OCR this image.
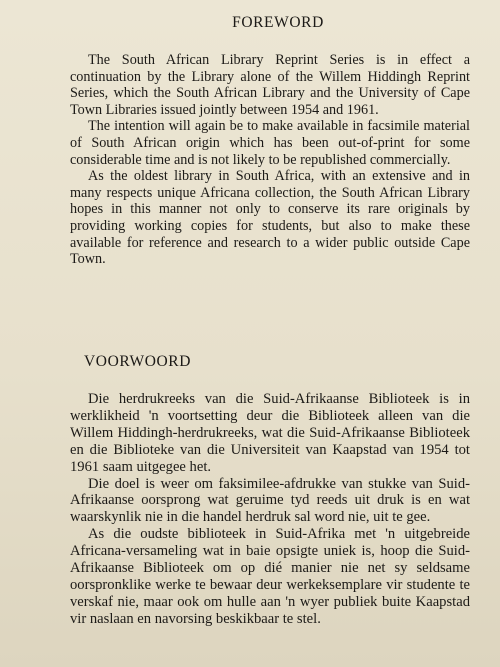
FOREWORD

The South African Library Reprint Series is in effect a continuation by the Library alone of the Willem Hiddingh Reprint Series, which the South African Library and the University of Cape Town Libraries issued jointly between 1954 and 1961.

The intention will again be to make available in facsimile material of South African origin which has been out-of-print for some considerable time and is not likely to be republished commercially.

As the oldest library in South Africa, with an extensive and in many respects unique Africana collection, the South African Library hopes in this manner not only to conserve its rare originals by providing working copies for students, but also to make these available for reference and research to a wider public outside Cape Town.

VOORWOORD

Die herdrukreeks van die Suid-Afrikaanse Biblioteek is in werklikheid 'n voortsetting deur die Biblioteek alleen van die Willem Hiddingh-herdrukreeks, wat die Suid-Afrikaanse Biblioteek en die Biblioteke van die Universiteit van Kaapstad van 1954 tot 1961 saam uitgegee het.

Die doel is weer om faksimilee-afdrukke van stukke van Suid-Afrikaanse oorsprong wat geruime tyd reeds uit druk is en wat waarskynlik nie in die handel herdruk sal word nie, uit te gee.

As die oudste biblioteek in Suid-Afrika met 'n uitgebreide Africana-versameling wat in baie opsigte uniek is, hoop die Suid-Afrikaanse Biblioteek om op dié manier nie net sy seldsame oorspronklike werke te bewaar deur werkeksemplare vir studente te verskaf nie, maar ook om hulle aan 'n wyer publiek buite Kaapstad vir naslaan en navorsing beskikbaar te stel.
